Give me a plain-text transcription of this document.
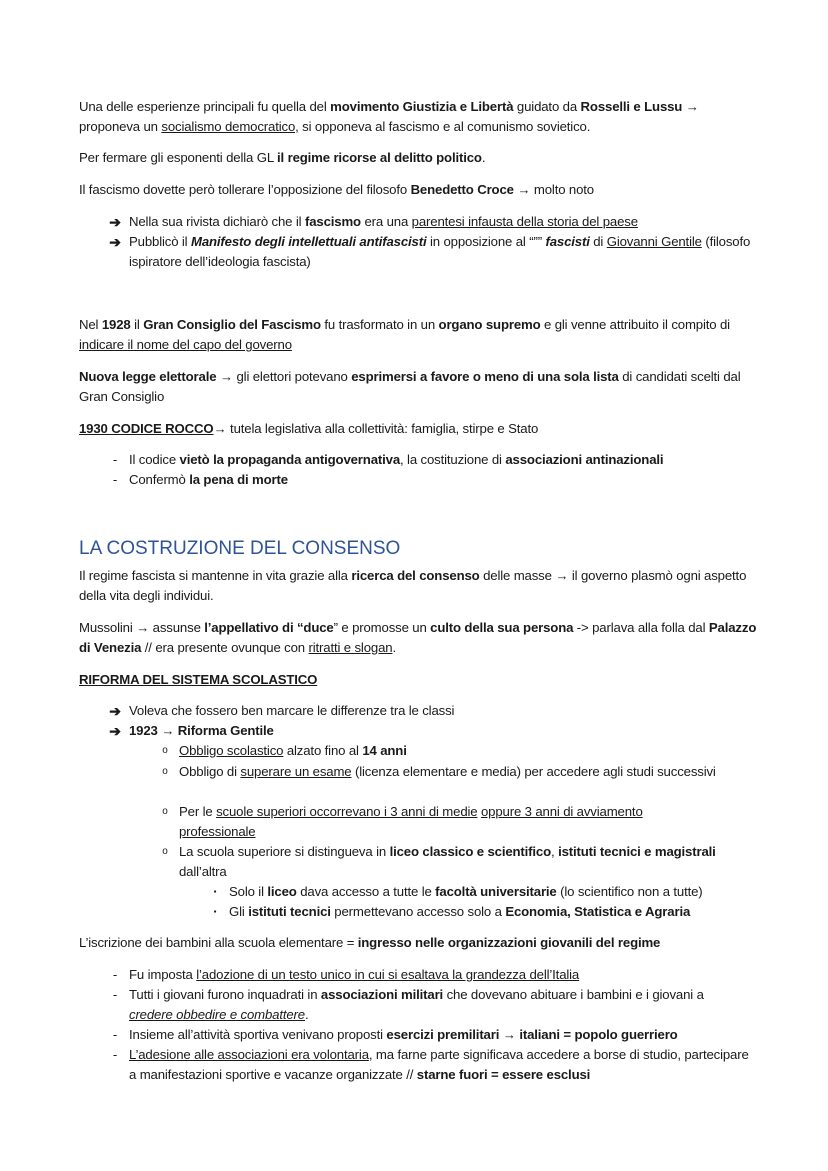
Una delle esperienze principali fu quella del movimento Giustizia e Libertà guidato da Rosselli e Lussu → proponeva un socialismo democratico, si opponeva al fascismo e al comunismo sovietico.

Per fermare gli esponenti della GL il regime ricorse al delitto politico.

Il fascismo dovette però tollerare l’opposizione del filosofo Benedetto Croce → molto noto

➔ Nella sua rivista dichiarò che il fascismo era una parentesi infausta della storia del paese

➔ Pubblicò il Manifesto degli intellettuali antifascisti in opposizione al “”” fascisti di Giovanni Gentile (filosofo ispiratore dell’ideologia fascista)

Nel 1928 il Gran Consiglio del Fascismo fu trasformato in un organo supremo e gli venne attribuito il compito di indicare il nome del capo del governo

Nuova legge elettorale → gli elettori potevano esprimersi a favore o meno di una sola lista di candidati scelti dal Gran Consiglio

1930 CODICE ROCCO→ tutela legislativa alla collettività: famiglia, stirpe e Stato

- Il codice vietò la propaganda antigovernativa, la costituzione di associazioni antinazionali

- Confermò la pena di morte

LA COSTRUZIONE DEL CONSENSO

Il regime fascista si mantenne in vita grazie alla ricerca del consenso delle masse → il governo plasmò ogni aspetto della vita degli individui.

Mussolini → assunse l’appellativo di “duce” e promosse un culto della sua persona -> parlava alla folla dal Palazzo di Venezia // era presente ovunque con ritratti e slogan.

RIFORMA DEL SISTEMA SCOLASTICO

➔ Voleva che fossero ben marcare le differenze tra le classi

➔ 1923 → Riforma Gentile

o Obbligo scolastico alzato fino al 14 anni

o Obbligo di superare un esame (licenza elementare e media) per accedere agli studi successivi

o Per le scuole superiori occorrevano i 3 anni di medie oppure 3 anni di avviamento professionale

o La scuola superiore si distingueva in liceo classico e scientifico, istituti tecnici e magistrali dall’altra

▪ Solo il liceo dava accesso a tutte le facoltà universitarie (lo scientifico non a tutte)

▪ Gli istituti tecnici permettevano accesso solo a Economia, Statistica e Agraria

L’iscrizione dei bambini alla scuola elementare = ingresso nelle organizzazioni giovanili del regime

- Fu imposta l’adozione di un testo unico in cui si esaltava la grandezza dell’Italia

- Tutti i giovani furono inquadrati in associazioni militari che dovevano abituare i bambini e i giovani a credere obbedire e combattere.

- Insieme all’attività sportiva venivano proposti esercizi premilitari → italiani = popolo guerriero

- L’adesione alle associazioni era volontaria, ma farne parte significava accedere a borse di studio, partecipare a manifestazioni sportive e vacanze organizzate // starne fuori = essere esclusi
